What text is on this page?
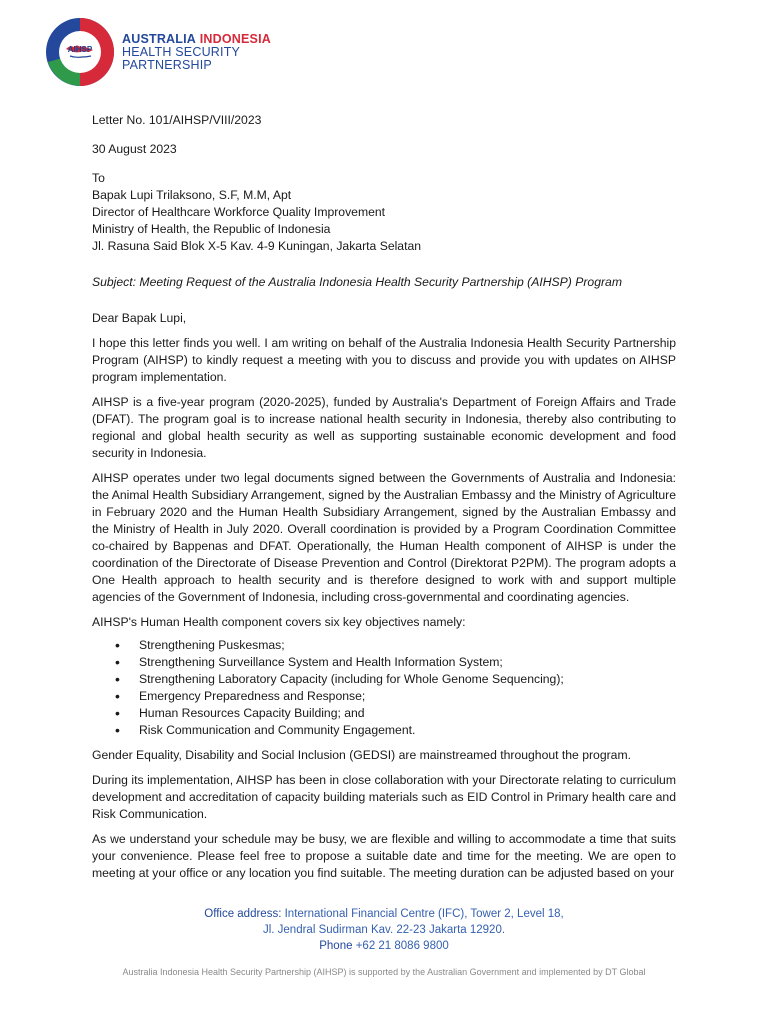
AIHSP
AUSTRALIA INDONESIA
HEALTH SECURITY
PARTNERSHIP

Letter No. 101/AIHSP/VIII/2023

30 August 2023

To

Bapak Lupi Trilaksono, S.F, M.M, Apt

Director of Healthcare Workforce Quality Improvement

Ministry of Health, the Republic of Indonesia

Jl. Rasuna Said Blok X-5 Kav. 4-9 Kuningan, Jakarta Selatan

Subject: Meeting Request of the Australia Indonesia Health Security Partnership (AIHSP) Program

Dear Bapak Lupi,

I hope this letter finds you well. I am writing on behalf of the Australia Indonesia Health Security Partnership Program (AIHSP) to kindly request a meeting with you to discuss and provide you with updates on AIHSP program implementation.

AIHSP is a five-year program (2020-2025), funded by Australia's Department of Foreign Affairs and Trade (DFAT). The program goal is to increase national health security in Indonesia, thereby also contributing to regional and global health security as well as supporting sustainable economic development and food security in Indonesia.

AIHSP operates under two legal documents signed between the Governments of Australia and Indonesia: the Animal Health Subsidiary Arrangement, signed by the Australian Embassy and the Ministry of Agriculture in February 2020 and the Human Health Subsidiary Arrangement, signed by the Australian Embassy and the Ministry of Health in July 2020. Overall coordination is provided by a Program Coordination Committee co-chaired by Bappenas and DFAT. Operationally, the Human Health component of AIHSP is under the coordination of the Directorate of Disease Prevention and Control (Direktorat P2PM). The program adopts a One Health approach to health security and is therefore designed to work with and support multiple agencies of the Government of Indonesia, including cross-governmental and coordinating agencies.

AIHSP's Human Health component covers six key objectives namely:

• Strengthening Puskesmas;
• Strengthening Surveillance System and Health Information System;
• Strengthening Laboratory Capacity (including for Whole Genome Sequencing);
• Emergency Preparedness and Response;
• Human Resources Capacity Building; and
• Risk Communication and Community Engagement.

Gender Equality, Disability and Social Inclusion (GEDSI) are mainstreamed throughout the program.

During its implementation, AIHSP has been in close collaboration with your Directorate relating to curriculum development and accreditation of capacity building materials such as EID Control in Primary health care and Risk Communication.

As we understand your schedule may be busy, we are flexible and willing to accommodate a time that suits your convenience. Please feel free to propose a suitable date and time for the meeting. We are open to meeting at your office or any location you find suitable. The meeting duration can be adjusted based on your

Office address: International Financial Centre (IFC), Tower 2, Level 18,
Jl. Jendral Sudirman Kav. 22-23 Jakarta 12920.
Phone +62 21 8086 9800
Australia Indonesia Health Security Partnership (AIHSP) is supported by the Australian Government and implemented by DT Global
